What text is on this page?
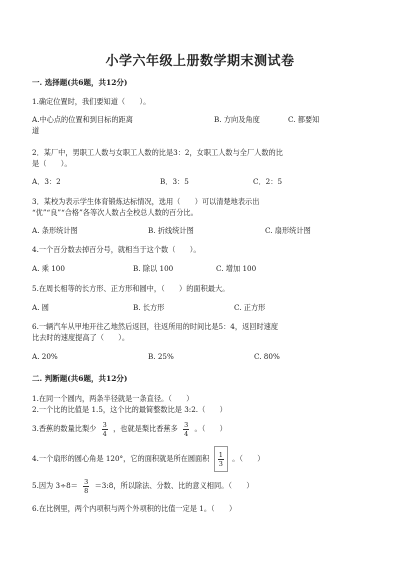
小学六年级上册数学期末测试卷
一. 选择题(共6题，共12分)
1.确定位置时，我们要知道（　　）。
A.中心点的位置和到目标的距离
道
B. 方向及角度	C. 都要知
2．某厂中，男职工人数与女职工人数的比是3：2，女职工人数与全厂人数的比
是（　　）。
A．3：2	B．3：5	C．2：5
3．某校为表示学生体育锻炼达标情况，选用（　　）可以清楚地表示出
“优”“良”“合格”各等次人数占全校总人数的百分比。
A. 条形统计图	B. 折线统计图	C. 扇形统计图
4.一个百分数去掉百分号，就相当于这个数（　　）。
A. 乘 100	B. 除以 100	C. 增加 100
5.在周长相等的长方形、正方形和圆中，（　　）的面积最大。
A. 圆	B. 长方形	C. 正方形
6.一辆汽车从甲地开往乙地然后返回，往返所用的时间比是5：4，返回时速度
比去时的速度提高了（　　）。
A. 20%	B. 25%	C. 80%
二. 判断题(共6题，共12分)
1.在同一个圆内，两条半径就是一条直径。（　　）
2.一个比的比值是 1.5，这个比的最简整数比是 3:2.（　　）
3.香蕉的数量比梨少 $\frac{3}{4}$ ，也就是梨比香蕉多 $\frac{3}{4}$ 。（　　）
4.一个扇形的圆心角是 120°，它的面积就是所在圆面积 $\frac{1}{3}$ 。（　　）
5.因为 $3\div 8= \frac{3}{8}$ ＝3:8，所以除法、分数、比的意义相同。（　　）
6.在比例里，两个内项积与两个外项积的比值一定是 1。（　　）
